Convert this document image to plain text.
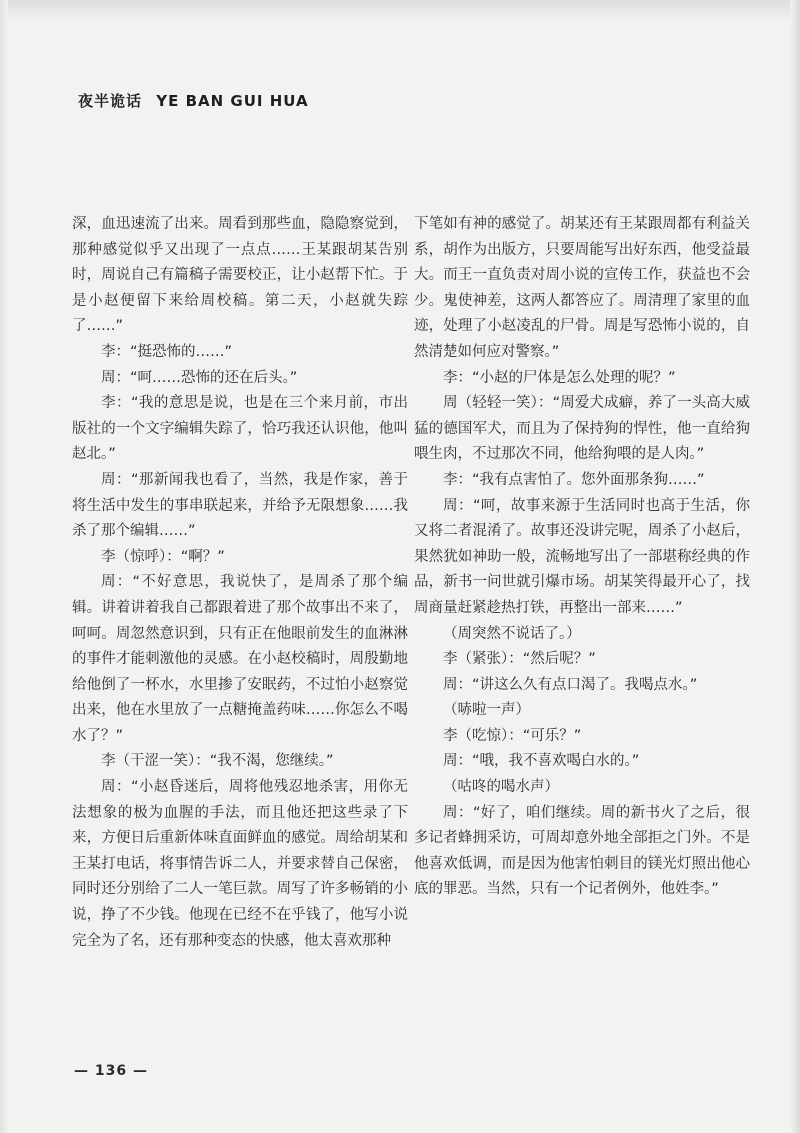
夜半诡话 YE BAN GUI HUA

深，血迅速流了出来。周看到那些血，隐隐察觉到，那种感觉似乎又出现了一点点……王某跟胡某告别时，周说自己有篇稿子需要校正，让小赵帮下忙。于是小赵便留下来给周校稿。第二天，小赵就失踪了……”

李：“挺恐怖的……”

周：“呵……恐怖的还在后头。”

李：“我的意思是说，也是在三个来月前，市出版社的一个文字编辑失踪了，恰巧我还认识他，他叫赵北。”

周：“那新闻我也看了，当然，我是作家，善于将生活中发生的事串联起来，并给予无限想象……我杀了那个编辑……”

李（惊呼）：“啊？”

周：“不好意思，我说快了，是周杀了那个编辑。讲着讲着我自己都跟着进了那个故事出不来了，呵呵。周忽然意识到，只有正在他眼前发生的血淋淋的事件才能刺激他的灵感。在小赵校稿时，周殷勤地给他倒了一杯水，水里掺了安眠药，不过怕小赵察觉出来，他在水里放了一点糖掩盖药味……你怎么不喝水了？”

李（干涩一笑）：“我不渴，您继续。”

周：“小赵昏迷后，周将他残忍地杀害，用你无法想象的极为血腥的手法，而且他还把这些录了下来，方便日后重新体味直面鲜血的感觉。周给胡某和王某打电话，将事情告诉二人，并要求替自己保密，同时还分别给了二人一笔巨款。周写了许多畅销的小说，挣了不少钱。他现在已经不在乎钱了，他写小说完全为了名，还有那种变态的快感，他太喜欢那种

下笔如有神的感觉了。胡某还有王某跟周都有利益关系，胡作为出版方，只要周能写出好东西，他受益最大。而王一直负责对周小说的宣传工作，获益也不会少。鬼使神差，这两人都答应了。周清理了家里的血迹，处理了小赵凌乱的尸骨。周是写恐怖小说的，自然清楚如何应对警察。”

李：“小赵的尸体是怎么处理的呢？”

周（轻轻一笑）：“周爱犬成癖，养了一头高大威猛的德国军犬，而且为了保持狗的悍性，他一直给狗喂生肉，不过那次不同，他给狗喂的是人肉。”

李：“我有点害怕了。您外面那条狗……”

周：“呵，故事来源于生活同时也高于生活，你又将二者混淆了。故事还没讲完呢，周杀了小赵后，果然犹如神助一般，流畅地写出了一部堪称经典的作品，新书一问世就引爆市场。胡某笑得最开心了，找周商量赶紧趁热打铁，再整出一部来……”

（周突然不说话了。）

李（紧张）：“然后呢？”

周：“讲这么久有点口渴了。我喝点水。”

（哧啦一声）

李（吃惊）：“可乐？”

周：“哦，我不喜欢喝白水的。”

（咕咚的喝水声）

周：“好了，咱们继续。周的新书火了之后，很多记者蜂拥采访，可周却意外地全部拒之门外。不是他喜欢低调，而是因为他害怕刺目的镁光灯照出他心底的罪恶。当然，只有一个记者例外，他姓李。”

— 136 —
